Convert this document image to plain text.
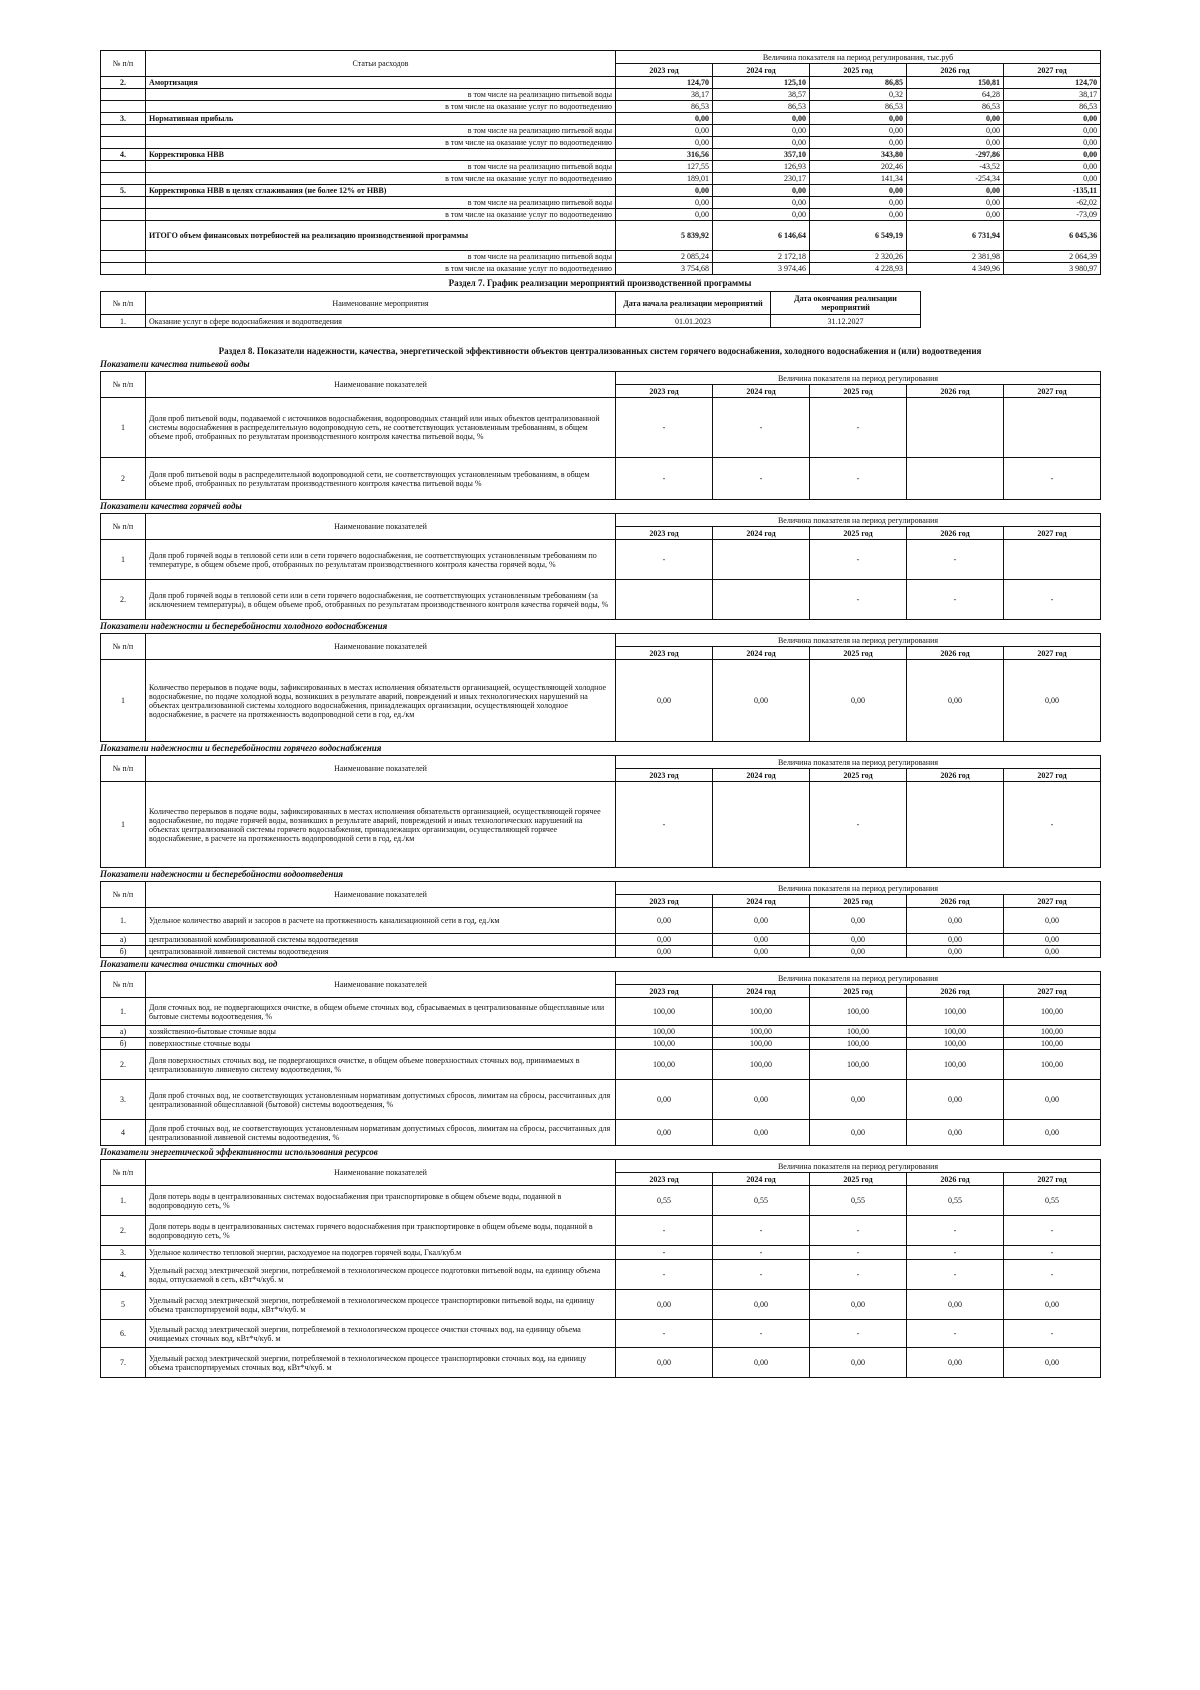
№ п/п	Статьи расходов	Величина показателя на период регулирования, тыс.руб				
		2023 год	2024 год	2025 год	2026 год	2027 год
2.	Амортизация	124,70	125,10	86,85	150,81	124,70
	в том числе на реализацию питьевой воды	38,17	38,57	0,32	64,28	38,17
	в том числе на оказание услуг по водоотведению	86,53	86,53	86,53	86,53	86,53
3.	Нормативная прибыль	0,00	0,00	0,00	0,00	0,00
	в том числе на реализацию питьевой воды	0,00	0,00	0,00	0,00	0,00
	в том числе на оказание услуг по водоотведению	0,00	0,00	0,00	0,00	0,00
4.	Корректировка НВВ	316,56	357,10	343,80	-297,86	0,00
	в том числе на реализацию питьевой воды	127,55	126,93	202,46	-43,52	0,00
	в том числе на оказание услуг по водоотведению	189,01	230,17	141,34	-254,34	0,00
5.	Корректировка НВВ в целях сглаживания (не более 12% от НВВ)	0,00	0,00	0,00	0,00	-135,11
	в том числе на реализацию питьевой воды	0,00	0,00	0,00	0,00	-62,02
	в том числе на оказание услуг по водоотведению	0,00	0,00	0,00	0,00	-73,09
	ИТОГО объем финансовых потребностей на реализацию производственной программы	5 839,92	6 146,64	6 549,19	6 731,94	6 045,36
	в том числе на реализацию питьевой воды	2 085,24	2 172,18	2 320,26	2 381,98	2 064,39
	в том числе на оказание услуг по водоотведению	3 754,68	3 974,46	4 228,93	4 349,96	3 980,97
Раздел 7. График реализации мероприятий производственной программы
№ п/п	Наименование мероприятия	Дата начала реализации мероприятий	Дата окончания реализации мероприятий	
1.	Оказание услуг в сфере водоснабжения и водоотведения	01.01.2023	31.12.2027	
Раздел 8. Показатели надежности, качества, энергетической эффективности объектов централизованных систем горячего водоснабжения, холодного водоснабжения и (или) водоотведения
Показатели качества питьевой воды
№ п/п	Наименование показателей	Величина показателя на период регулирования				
		2023 год	2024 год	2025 год	2026 год	2027 год
1	Доля проб питьевой воды, подаваемой с источников водоснабжения, водопроводных станций или иных объектов централизованной системы водоснабжения в распределительную водопроводную сеть, не соответствующих установленным требованиям, в общем объеме проб, отобранных по результатам производственного контроля качества питьевой воды, %	-	-	-		
2	Доля проб питьевой воды в распределительной водопроводной сети, не соответствующих установленным требованиям, в общем объеме проб, отобранных по результатам производственного контроля качества питьевой воды %	-	-	-		-
Показатели качества горячей воды
№ п/п	Наименование показателей	Величина показателя на период регулирования				
		2023 год	2024 год	2025 год	2026 год	2027 год
1	Доля проб горячей воды в тепловой сети или в сети горячего водоснабжения, не соответствующих установленным требованиям по температуре, в общем объеме проб, отобранных по результатам производственного контроля качества горячей воды, %	-		-	-	
2.	Доля проб горячей воды в тепловой сети или в сети горячего водоснабжения, не соответствующих установленным требованиям (за исключением температуры), в общем объеме проб, отобранных по результатам производственного контроля качества горячей воды, %			-	-	-
Показатели надежности и бесперебойности холодного водоснабжения
№ п/п	Наименование показателей	Величина показателя на период регулирования				
		2023 год	2024 год	2025 год	2026 год	2027 год
1	Количество перерывов в подаче воды, зафиксированных в местах исполнения обязательств организацией, осуществляющей холодное водоснабжение, по подаче холодной воды, возникших в результате аварий, повреждений и иных технологических нарушений на объектах централизованной системы холодного водоснабжения, принадлежащих организации, осуществляющей холодное водоснабжение, в расчете на протяженность водопроводной сети в год, ед./км	0,00	0,00	0,00	0,00	0,00
Показатели надежности и бесперебойности горячего водоснабжения
№ п/п	Наименование показателей	Величина показателя на период регулирования				
		2023 год	2024 год	2025 год	2026 год	2027 год
1	Количество перерывов в подаче воды, зафиксированных в местах исполнения обязательств организацией, осуществляющей горячее водоснабжение, по подаче горячей воды, возникших в результате аварий, повреждений и иных технологических нарушений на объектах централизованной системы горячего водоснабжения, принадлежащих организации, осуществляющей горячее водоснабжение, в расчете на протяженность водопроводной сети в год, ед./км	-		-		-
Показатели надежности и бесперебойности водоотведения
№ п/п	Наименование показателей	Величина показателя на период регулирования				
		2023 год	2024 год	2025 год	2026 год	2027 год
1.	Удельное количество аварий и засоров в расчете на протяженность канализационной сети в год, ед./км	0,00	0,00	0,00	0,00	0,00
а)	централизованной комбинированной системы водоотведения	0,00	0,00	0,00	0,00	0,00
б)	централизованной ливневой системы водоотведения	0,00	0,00	0,00	0,00	0,00
Показатели качества очистки сточных вод
№ п/п	Наименование показателей	Величина показателя на период регулирования				
		2023 год	2024 год	2025 год	2026 год	2027 год
1.	Доля сточных вод, не подвергающихся очистке, в общем объеме сточных вод, сбрасываемых в централизованные общесплавные или бытовые системы водоотведения, %	100,00	100,00	100,00	100,00	100,00
а)	хозяйственно-бытовые сточные воды	100,00	100,00	100,00	100,00	100,00
б)	поверхностные сточные воды	100,00	100,00	100,00	100,00	100,00
2.	Доля поверхностных сточных вод, не подвергающихся очистке, в общем объеме поверхностных сточных вод, принимаемых в централизованную ливневую систему водоотведения, %	100,00	100,00	100,00	100,00	100,00
3.	Доля проб сточных вод, не соответствующих установленным нормативам допустимых сбросов, лимитам на сбросы, рассчитанных для централизованной общесплавной (бытовой) системы водоотведения, %	0,00	0,00	0,00	0,00	0,00
4	Доля проб сточных вод, не соответствующих установленным нормативам допустимых сбросов, лимитам на сбросы, рассчитанных для централизованной ливневой системы водоотведения, %	0,00	0,00	0,00	0,00	0,00
Показатели энергетической эффективности использования ресурсов
№ п/п	Наименование показателей	Величина показателя на период регулирования				
		2023 год	2024 год	2025 год	2026 год	2027 год
1.	Доля потерь воды в централизованных системах водоснабжения при транспортировке в общем объеме воды, поданной в водопроводную сеть, %	0,55	0,55	0,55	0,55	0,55
2.	Доля потерь воды в централизованных системах горячего водоснабжения при транспортировке в общем объеме воды, поданной в водопроводную сеть, %	-	-	-	-	-
3.	Удельное количество тепловой энергии, расходуемое на подогрев горячей воды, Гкал/куб.м	-	-	-	-	-
4.	Удельный расход электрической энергии, потребляемой в технологическом процессе подготовки питьевой воды, на единицу объема воды, отпускаемой в сеть, кВт*ч/куб. м	-	-	-	-	-
5	Удельный расход электрической энергии, потребляемой в технологическом процессе транспортировки питьевой воды, на единицу объема транспортируемой воды, кВт*ч/куб. м	0,00	0,00	0,00	0,00	0,00
6.	Удельный расход электрической энергии, потребляемой в технологическом процессе очистки сточных вод, на единицу объема очищаемых сточных вод, кВт*ч/куб. м	-	-	-	-	-
7.	Удельный расход электрической энергии, потребляемой в технологическом процессе транспортировки сточных вод, на единицу объема транспортируемых сточных вод, кВт*ч/куб. м	0,00	0,00	0,00	0,00	0,00
